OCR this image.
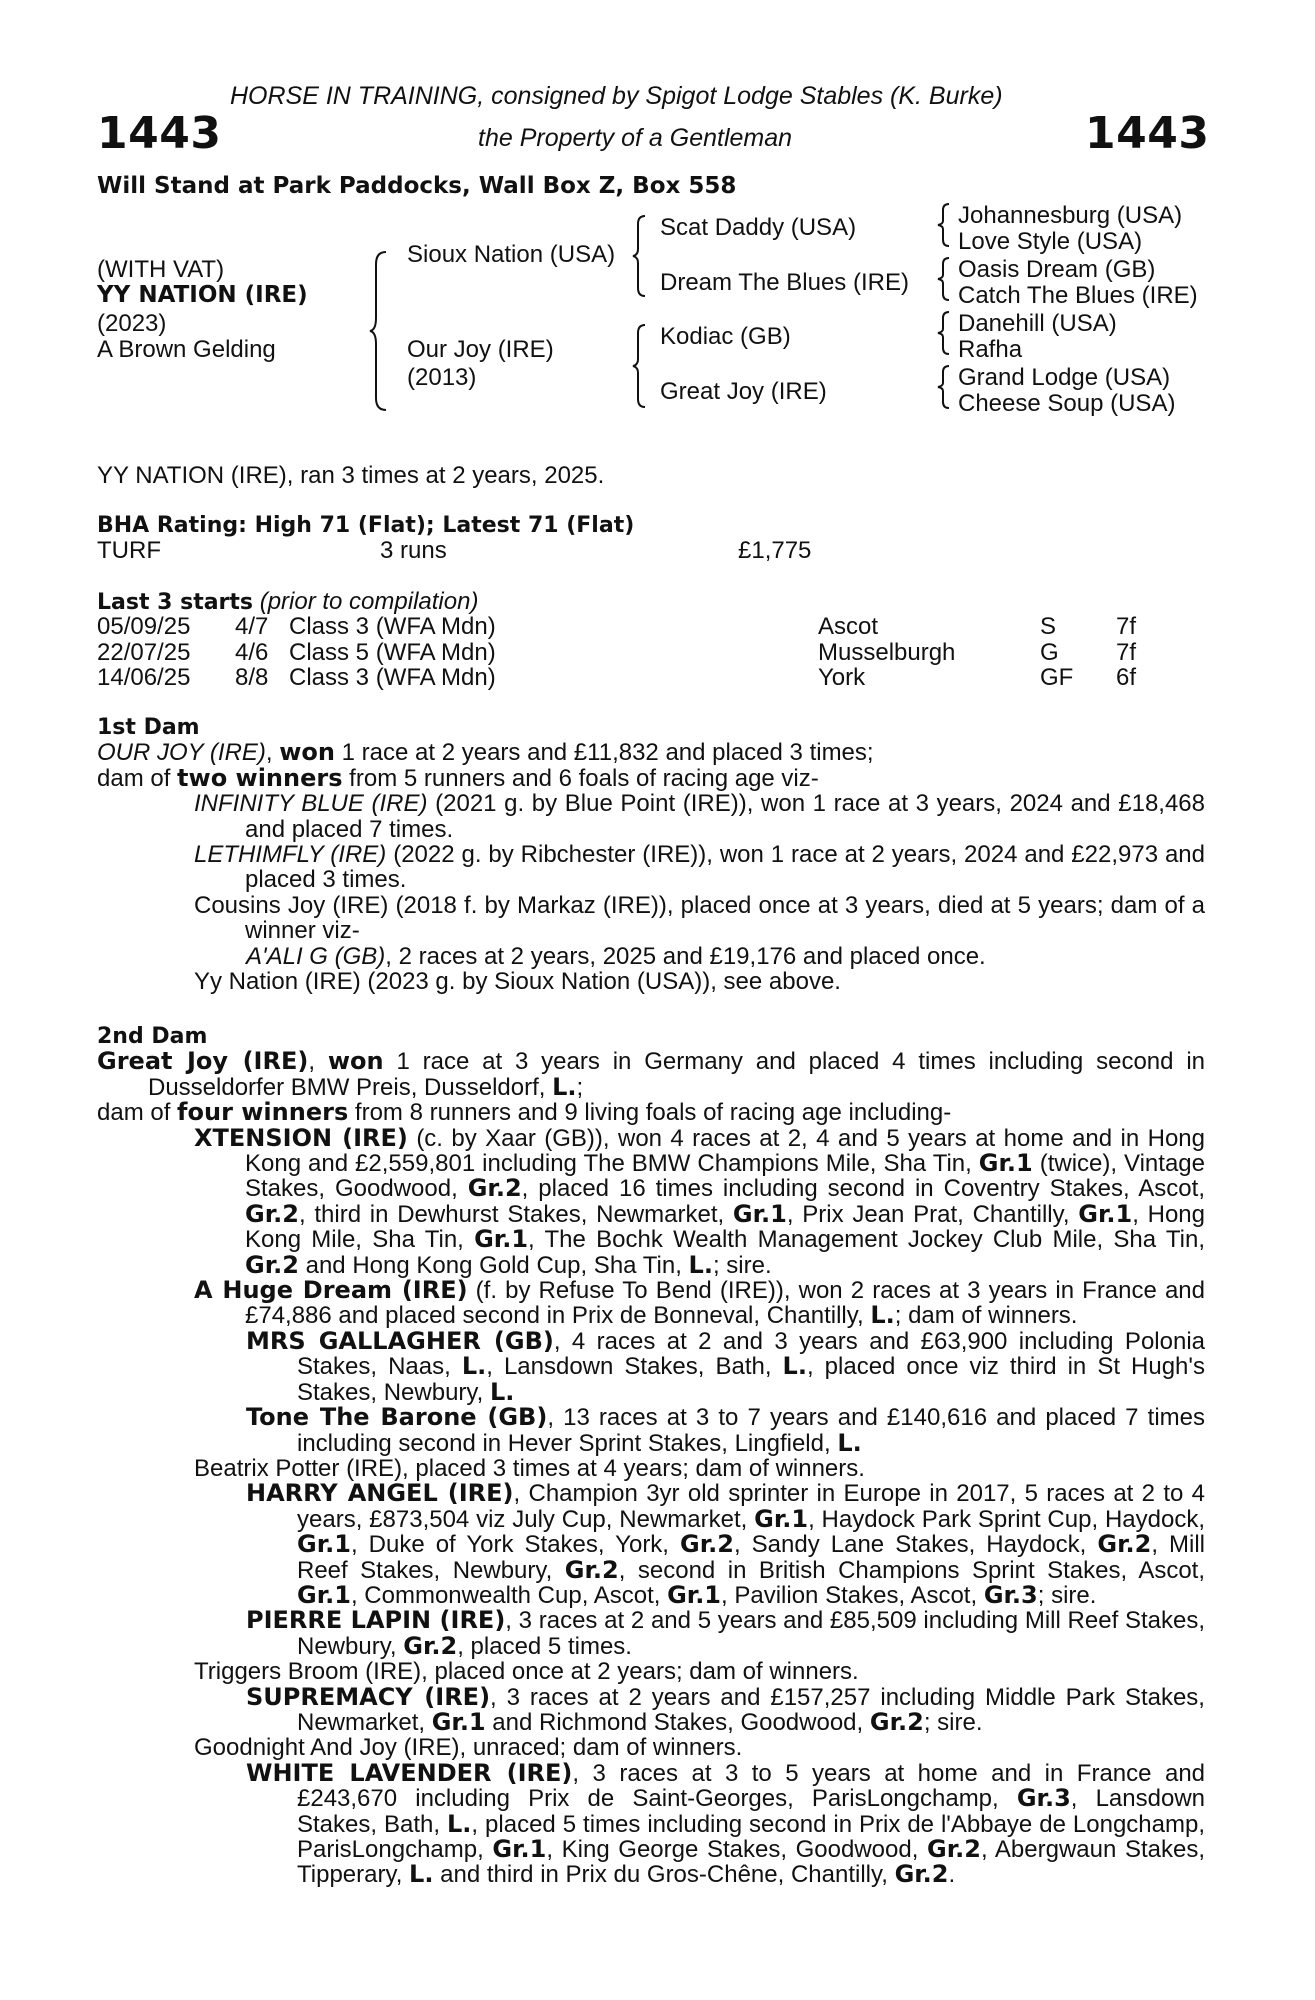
HORSE IN TRAINING, consigned by Spigot Lodge Stables (K. Burke)
1443	the Property of a Gentleman	1443
Will Stand at Park Paddocks, Wall Box Z, Box 558
(WITH VAT)
YY NATION (IRE)
(2023)
A Brown Gelding
Sioux Nation (USA)
Our Joy (IRE)
(2013)
Scat Daddy (USA)
Dream The Blues (IRE)
Kodiac (GB)
Great Joy (IRE)
Johannesburg (USA)
Love Style (USA)
Oasis Dream (GB)
Catch The Blues (IRE)
Danehill (USA)
Rafha
Grand Lodge (USA)
Cheese Soup (USA)
YY NATION (IRE), ran 3 times at 2 years, 2025.
BHA Rating: High 71 (Flat); Latest 71 (Flat)
TURF	3 runs	£1,775
Last 3 starts (prior to compilation)
05/09/25 4/7 Class 3 (WFA Mdn)	Ascot	S 7f
22/07/25 4/6 Class 5 (WFA Mdn)	Musselburgh	G 7f
14/06/25 8/8 Class 3 (WFA Mdn)	York	GF 6f
1st Dam
OUR JOY (IRE), won 1 race at 2 years and £11,832 and placed 3 times;
dam of two winners from 5 runners and 6 foals of racing age viz-
INFINITY BLUE (IRE) (2021 g. by Blue Point (IRE)), won 1 race at 3 years, 2024 and £18,468 and placed 7 times.
LETHIMFLY (IRE) (2022 g. by Ribchester (IRE)), won 1 race at 2 years, 2024 and £22,973 and placed 3 times.
Cousins Joy (IRE) (2018 f. by Markaz (IRE)), placed once at 3 years, died at 5 years; dam of a winner viz-
A'ALI G (GB), 2 races at 2 years, 2025 and £19,176 and placed once.
Yy Nation (IRE) (2023 g. by Sioux Nation (USA)), see above.
2nd Dam
Great Joy (IRE), won 1 race at 3 years in Germany and placed 4 times including second in Dusseldorfer BMW Preis, Dusseldorf, L.;
dam of four winners from 8 runners and 9 living foals of racing age including-
XTENSION (IRE) (c. by Xaar (GB)), won 4 races at 2, 4 and 5 years at home and in Hong Kong and £2,559,801 including The BMW Champions Mile, Sha Tin, Gr.1 (twice), Vintage Stakes, Goodwood, Gr.2, placed 16 times including second in Coventry Stakes, Ascot, Gr.2, third in Dewhurst Stakes, Newmarket, Gr.1, Prix Jean Prat, Chantilly, Gr.1, Hong Kong Mile, Sha Tin, Gr.1, The Bochk Wealth Management Jockey Club Mile, Sha Tin, Gr.2 and Hong Kong Gold Cup, Sha Tin, L.; sire.
A Huge Dream (IRE) (f. by Refuse To Bend (IRE)), won 2 races at 3 years in France and £74,886 and placed second in Prix de Bonneval, Chantilly, L.; dam of winners.
MRS GALLAGHER (GB), 4 races at 2 and 3 years and £63,900 including Polonia Stakes, Naas, L., Lansdown Stakes, Bath, L., placed once viz third in St Hugh's Stakes, Newbury, L.
Tone The Barone (GB), 13 races at 3 to 7 years and £140,616 and placed 7 times including second in Hever Sprint Stakes, Lingfield, L.
Beatrix Potter (IRE), placed 3 times at 4 years; dam of winners.
HARRY ANGEL (IRE), Champion 3yr old sprinter in Europe in 2017, 5 races at 2 to 4 years, £873,504 viz July Cup, Newmarket, Gr.1, Haydock Park Sprint Cup, Haydock, Gr.1, Duke of York Stakes, York, Gr.2, Sandy Lane Stakes, Haydock, Gr.2, Mill Reef Stakes, Newbury, Gr.2, second in British Champions Sprint Stakes, Ascot, Gr.1, Commonwealth Cup, Ascot, Gr.1, Pavilion Stakes, Ascot, Gr.3; sire.
PIERRE LAPIN (IRE), 3 races at 2 and 5 years and £85,509 including Mill Reef Stakes, Newbury, Gr.2, placed 5 times.
Triggers Broom (IRE), placed once at 2 years; dam of winners.
SUPREMACY (IRE), 3 races at 2 years and £157,257 including Middle Park Stakes, Newmarket, Gr.1 and Richmond Stakes, Goodwood, Gr.2; sire.
Goodnight And Joy (IRE), unraced; dam of winners.
WHITE LAVENDER (IRE), 3 races at 3 to 5 years at home and in France and £243,670 including Prix de Saint-Georges, ParisLongchamp, Gr.3, Lansdown Stakes, Bath, L., placed 5 times including second in Prix de l'Abbaye de Longchamp, ParisLongchamp, Gr.1, King George Stakes, Goodwood, Gr.2, Abergwaun Stakes, Tipperary, L. and third in Prix du Gros-Chêne, Chantilly, Gr.2.
